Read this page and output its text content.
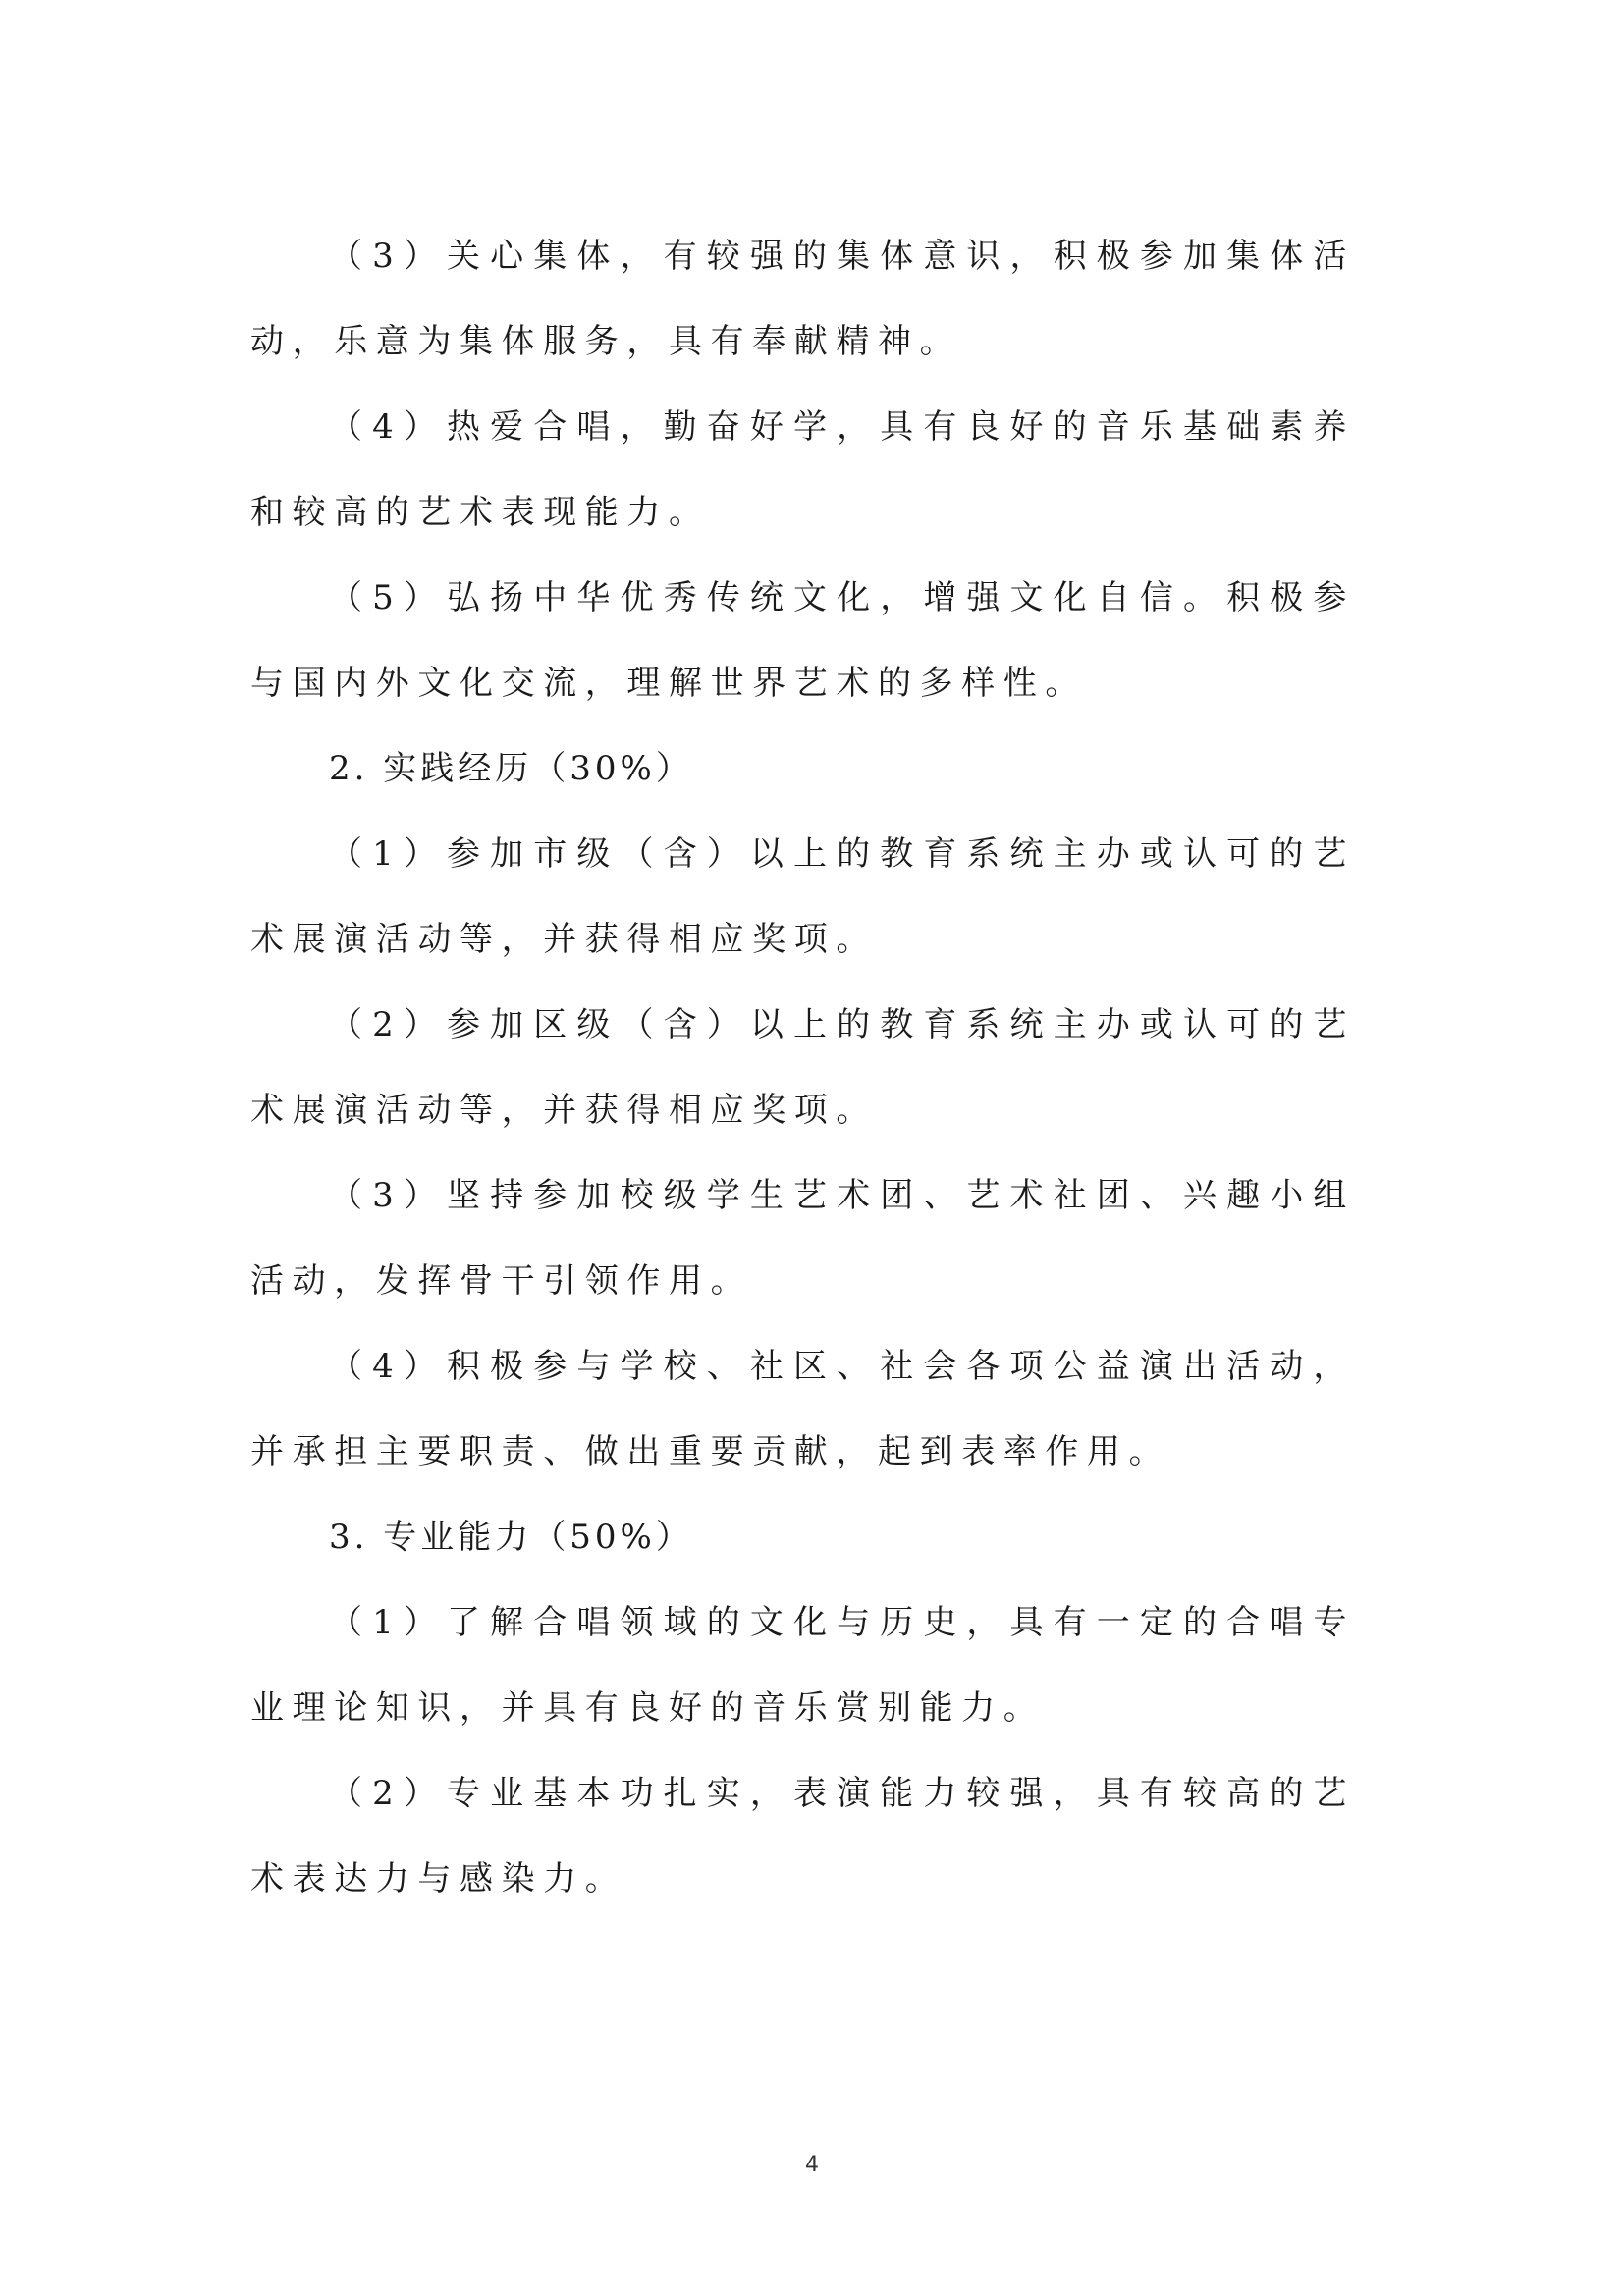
（3）关心集体，有较强的集体意识，积极参加集体活动，乐意为集体服务，具有奉献精神。

（4）热爱合唱，勤奋好学，具有良好的音乐基础素养和较高的艺术表现能力。

（5）弘扬中华优秀传统文化，增强文化自信。积极参与国内外文化交流，理解世界艺术的多样性。

2. 实践经历（30%）

（1）参加市级（含）以上的教育系统主办或认可的艺术展演活动等，并获得相应奖项。

（2）参加区级（含）以上的教育系统主办或认可的艺术展演活动等，并获得相应奖项。

（3）坚持参加校级学生艺术团、艺术社团、兴趣小组活动，发挥骨干引领作用。

（4）积极参与学校、社区、社会各项公益演出活动，并承担主要职责、做出重要贡献，起到表率作用。

3. 专业能力（50%）

（1）了解合唱领域的文化与历史，具有一定的合唱专业理论知识，并具有良好的音乐赏别能力。

（2）专业基本功扎实，表演能力较强，具有较高的艺术表达力与感染力。

4
